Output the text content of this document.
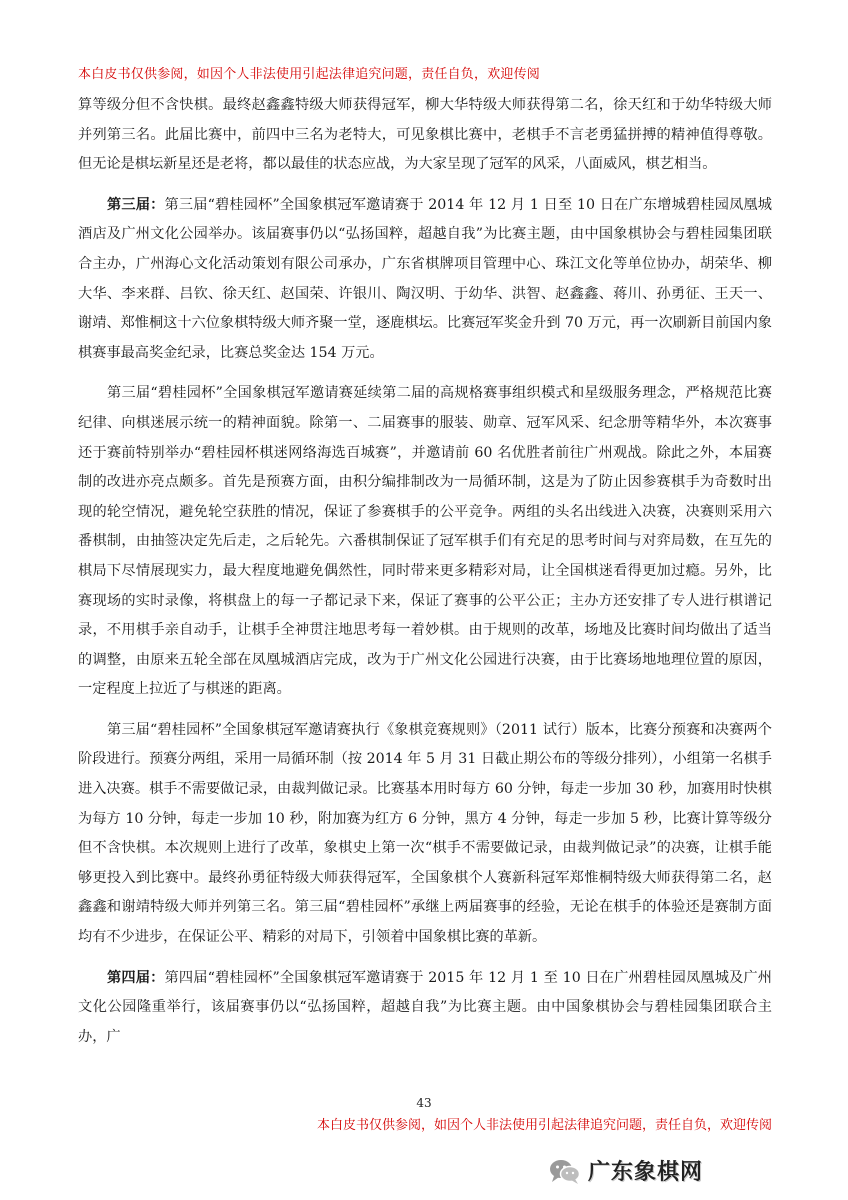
本白皮书仅供参阅，如因个人非法使用引起法律追究问题，责任自负，欢迎传阅

算等级分但不含快棋。最终赵鑫鑫特级大师获得冠军，柳大华特级大师获得第二名，徐天红和于幼华特级大师并列第三名。此届比赛中，前四中三名为老特大，可见象棋比赛中，老棋手不言老勇猛拼搏的精神值得尊敬。但无论是棋坛新星还是老将，都以最佳的状态应战，为大家呈现了冠军的风采，八面威风，棋艺相当。

第三届：第三届“碧桂园杯”全国象棋冠军邀请赛于 2014 年 12 月 1 日至 10 日在广东增城碧桂园凤凰城酒店及广州文化公园举办。该届赛事仍以“弘扬国粹，超越自我”为比赛主题，由中国象棋协会与碧桂园集团联合主办，广州海心文化活动策划有限公司承办，广东省棋牌项目管理中心、珠江文化等单位协办，胡荣华、柳大华、李来群、吕钦、徐天红、赵国荣、许银川、陶汉明、于幼华、洪智、赵鑫鑫、蒋川、孙勇征、王天一、谢靖、郑惟桐这十六位象棋特级大师齐聚一堂，逐鹿棋坛。比赛冠军奖金升到 70 万元，再一次刷新目前国内象棋赛事最高奖金纪录，比赛总奖金达 154 万元。

第三届“碧桂园杯”全国象棋冠军邀请赛延续第二届的高规格赛事组织模式和星级服务理念，严格规范比赛纪律、向棋迷展示统一的精神面貌。除第一、二届赛事的服装、勋章、冠军风采、纪念册等精华外，本次赛事还于赛前特别举办“碧桂园杯棋迷网络海选百城赛”，并邀请前 60 名优胜者前往广州观战。除此之外，本届赛制的改进亦亮点颇多。首先是预赛方面，由积分编排制改为一局循环制，这是为了防止因参赛棋手为奇数时出现的轮空情况，避免轮空获胜的情况，保证了参赛棋手的公平竞争。两组的头名出线进入决赛，决赛则采用六番棋制，由抽签决定先后走，之后轮先。六番棋制保证了冠军棋手们有充足的思考时间与对弈局数，在互先的棋局下尽情展现实力，最大程度地避免偶然性，同时带来更多精彩对局，让全国棋迷看得更加过瘾。另外，比赛现场的实时录像，将棋盘上的每一子都记录下来，保证了赛事的公平公正；主办方还安排了专人进行棋谱记录，不用棋手亲自动手，让棋手全神贯注地思考每一着妙棋。由于规则的改革，场地及比赛时间均做出了适当的调整，由原来五轮全部在凤凰城酒店完成，改为于广州文化公园进行决赛，由于比赛场地地理位置的原因，一定程度上拉近了与棋迷的距离。

第三届“碧桂园杯”全国象棋冠军邀请赛执行《象棋竞赛规则》（2011 试行）版本，比赛分预赛和决赛两个阶段进行。预赛分两组，采用一局循环制（按 2014 年 5 月 31 日截止期公布的等级分排列），小组第一名棋手进入决赛。棋手不需要做记录，由裁判做记录。比赛基本用时每方 60 分钟，每走一步加 30 秒，加赛用时快棋为每方 10 分钟，每走一步加 10 秒，附加赛为红方 6 分钟，黑方 4 分钟，每走一步加 5 秒，比赛计算等级分但不含快棋。本次规则上进行了改革，象棋史上第一次“棋手不需要做记录，由裁判做记录”的决赛，让棋手能够更投入到比赛中。最终孙勇征特级大师获得冠军，全国象棋个人赛新科冠军郑惟桐特级大师获得第二名，赵鑫鑫和谢靖特级大师并列第三名。第三届“碧桂园杯”承继上两届赛事的经验，无论在棋手的体验还是赛制方面均有不少进步，在保证公平、精彩的对局下，引领着中国象棋比赛的革新。

第四届：第四届“碧桂园杯”全国象棋冠军邀请赛于 2015 年 12 月 1 至 10 日在广州碧桂园凤凰城及广州文化公园隆重举行，该届赛事仍以“弘扬国粹，超越自我”为比赛主题。由中国象棋协会与碧桂园集团联合主办，广

43
本白皮书仅供参阅，如因个人非法使用引起法律追究问题，责任自负，欢迎传阅
广东象棋网
